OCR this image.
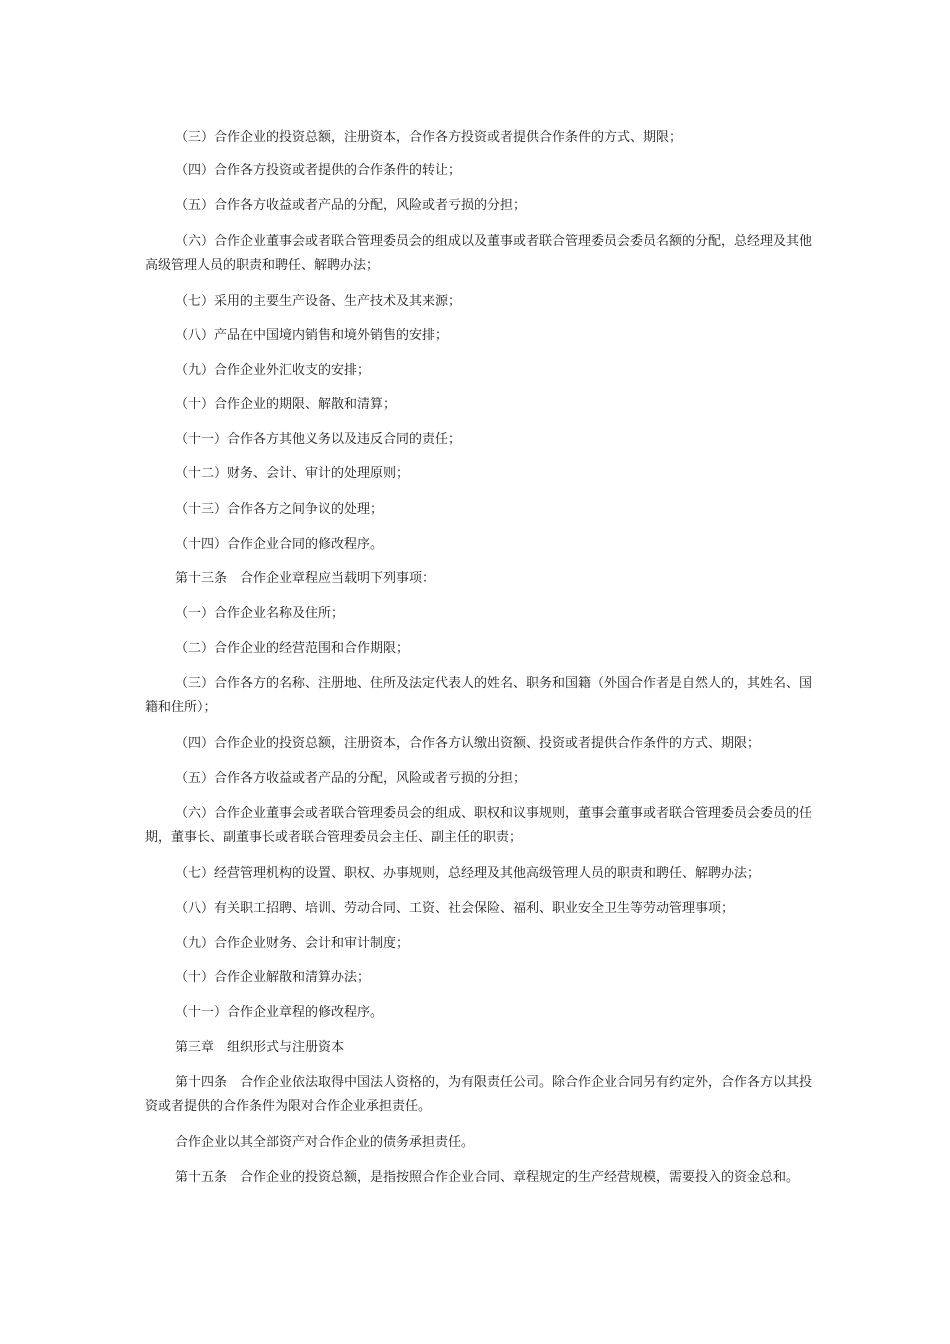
（三）合作企业的投资总额，注册资本，合作各方投资或者提供合作条件的方式、期限；

（四）合作各方投资或者提供的合作条件的转让；

（五）合作各方收益或者产品的分配，风险或者亏损的分担；

（六）合作企业董事会或者联合管理委员会的组成以及董事或者联合管理委员会委员名额的分配，总经理及其他高级管理人员的职责和聘任、解聘办法；

（七）采用的主要生产设备、生产技术及其来源；

（八）产品在中国境内销售和境外销售的安排；

（九）合作企业外汇收支的安排；

（十）合作企业的期限、解散和清算；

（十一）合作各方其他义务以及违反合同的责任；

（十二）财务、会计、审计的处理原则；

（十三）合作各方之间争议的处理；

（十四）合作企业合同的修改程序。

第十三条　合作企业章程应当载明下列事项：

（一）合作企业名称及住所；

（二）合作企业的经营范围和合作期限；

（三）合作各方的名称、注册地、住所及法定代表人的姓名、职务和国籍（外国合作者是自然人的，其姓名、国籍和住所）；

（四）合作企业的投资总额，注册资本，合作各方认缴出资额、投资或者提供合作条件的方式、期限；

（五）合作各方收益或者产品的分配，风险或者亏损的分担；

（六）合作企业董事会或者联合管理委员会的组成、职权和议事规则，董事会董事或者联合管理委员会委员的任期，董事长、副董事长或者联合管理委员会主任、副主任的职责；

（七）经营管理机构的设置、职权、办事规则，总经理及其他高级管理人员的职责和聘任、解聘办法；

（八）有关职工招聘、培训、劳动合同、工资、社会保险、福利、职业安全卫生等劳动管理事项；

（九）合作企业财务、会计和审计制度；

（十）合作企业解散和清算办法；

（十一）合作企业章程的修改程序。

第三章　组织形式与注册资本

第十四条　合作企业依法取得中国法人资格的，为有限责任公司。除合作企业合同另有约定外，合作各方以其投资或者提供的合作条件为限对合作企业承担责任。

合作企业以其全部资产对合作企业的债务承担责任。

第十五条　合作企业的投资总额，是指按照合作企业合同、章程规定的生产经营规模，需要投入的资金总和。
